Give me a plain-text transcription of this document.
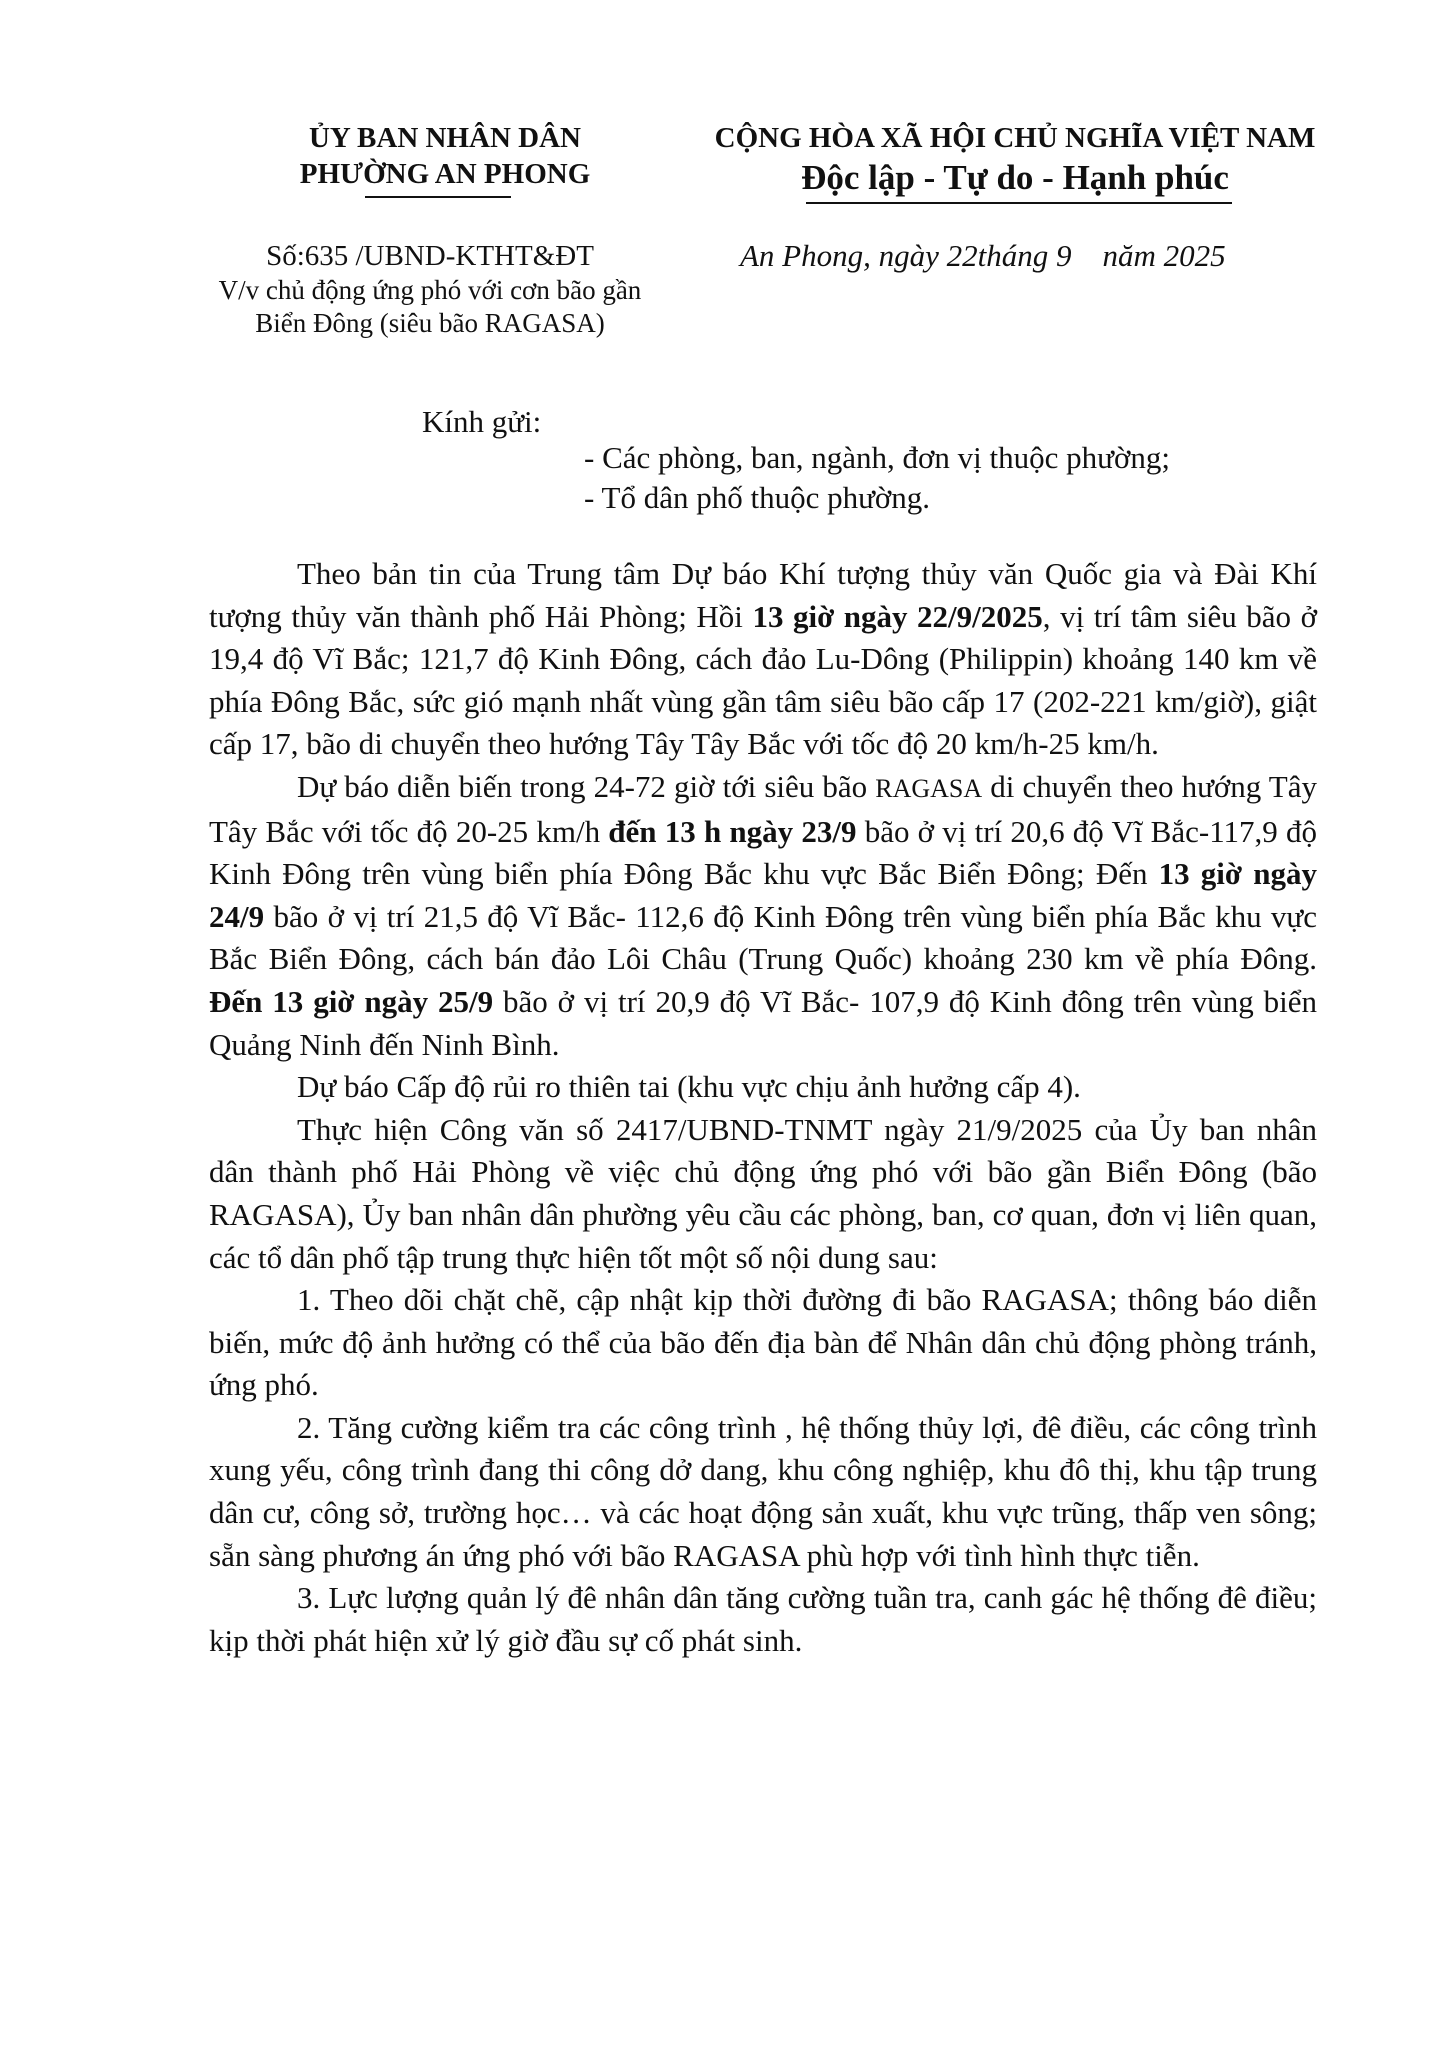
ỦY BAN NHÂN DÂN
PHƯỜNG AN PHONG
CỘNG HÒA XÃ HỘI CHỦ NGHĨA VIỆT NAM
Độc lập - Tự do - Hạnh phúc
Số:635 /UBND-KTHT&ĐT
V/v chủ động ứng phó với cơn bão gần
Biển Đông (siêu bão RAGASA)
An Phong, ngày 22tháng 9    năm 2025
Kính gửi:
- Các phòng, ban, ngành, đơn vị thuộc phường;
- Tổ dân phố thuộc phường.

Theo bản tin của Trung tâm Dự báo Khí tượng thủy văn Quốc gia và Đài Khí tượng thủy văn thành phố Hải Phòng; Hồi 13 giờ ngày 22/9/2025, vị trí tâm siêu bão ở 19,4 độ Vĩ Bắc; 121,7 độ Kinh Đông, cách đảo Lu-Dông (Philippin) khoảng 140 km về phía Đông Bắc, sức gió mạnh nhất vùng gần tâm siêu bão cấp 17 (202-221 km/giờ), giật cấp 17, bão di chuyển theo hướng Tây Tây Bắc với tốc độ 20 km/h-25 km/h.

Dự báo diễn biến trong 24-72 giờ tới siêu bão RAGASA di chuyển theo hướng Tây Tây Bắc với tốc độ 20-25 km/h đến 13 h ngày 23/9 bão ở vị trí 20,6 độ Vĩ Bắc-117,9 độ Kinh Đông trên vùng biển phía Đông Bắc khu vực Bắc Biển Đông; Đến 13 giờ ngày 24/9 bão ở vị trí 21,5 độ Vĩ Bắc- 112,6 độ Kinh Đông trên vùng biển phía Bắc khu vực Bắc Biển Đông, cách bán đảo Lôi Châu (Trung Quốc) khoảng 230 km về phía Đông. Đến 13 giờ ngày 25/9 bão ở vị trí 20,9 độ Vĩ Bắc- 107,9 độ Kinh đông trên vùng biển Quảng Ninh đến Ninh Bình.

Dự báo Cấp độ rủi ro thiên tai (khu vực chịu ảnh hưởng cấp 4).

Thực hiện Công văn số 2417/UBND-TNMT ngày 21/9/2025 của Ủy ban nhân dân thành phố Hải Phòng về việc chủ động ứng phó với bão gần Biển Đông (bão RAGASA), Ủy ban nhân dân phường yêu cầu các phòng, ban, cơ quan, đơn vị liên quan, các tổ dân phố tập trung thực hiện tốt một số nội dung sau:

1. Theo dõi chặt chẽ, cập nhật kịp thời đường đi bão RAGASA; thông báo diễn biến, mức độ ảnh hưởng có thể của bão đến địa bàn để Nhân dân chủ động phòng tránh, ứng phó.

2. Tăng cường kiểm tra các công trình , hệ thống thủy lợi, đê điều, các công trình xung yếu, công trình đang thi công dở dang, khu công nghiệp, khu đô thị, khu tập trung dân cư, công sở, trường học… và các hoạt động sản xuất, khu vực trũng, thấp ven sông; sẵn sàng phương án ứng phó với bão RAGASA phù hợp với tình hình thực tiễn.

3. Lực lượng quản lý đê nhân dân tăng cường tuần tra, canh gác hệ thống đê điều; kịp thời phát hiện xử lý giờ đầu sự cố phát sinh.
